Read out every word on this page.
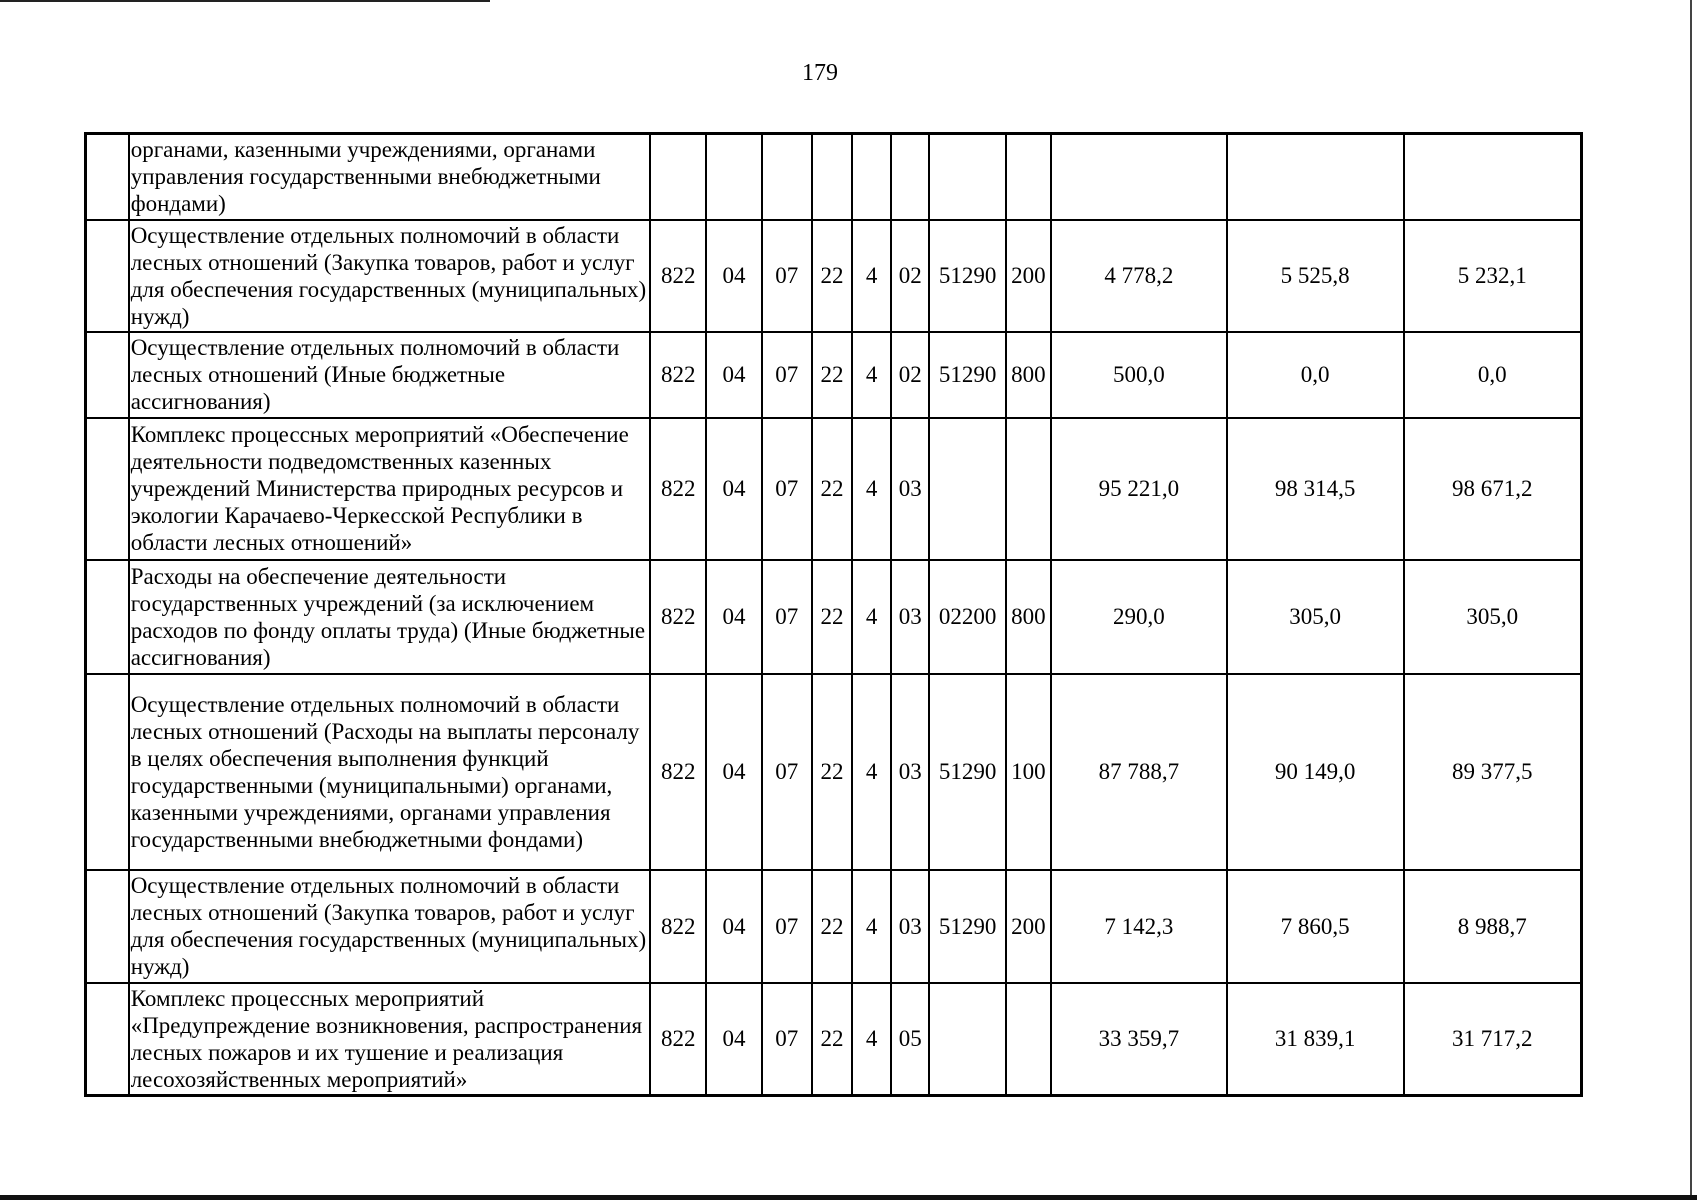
179
	органами, казенными учреждениями, органами управления государственными внебюджетными фондами)											
	Осуществление отдельных полномочий в области лесных отношений (Закупка товаров, работ и услуг для обеспечения государственных (муниципальных) нужд)	822	04	07	22	4	02	51290	200	4 778,2	5 525,8	5 232,1
	Осуществление отдельных полномочий в области лесных отношений (Иные бюджетные ассигнования)	822	04	07	22	4	02	51290	800	500,0	0,0	0,0
	Комплекс процессных мероприятий «Обеспечение деятельности подведомственных казенных учреждений Министерства природных ресурсов и экологии Карачаево-Черкесской Республики в области лесных отношений»	822	04	07	22	4	03			95 221,0	98 314,5	98 671,2
	Расходы на обеспечение деятельности государственных учреждений (за исключением расходов по фонду оплаты труда) (Иные бюджетные ассигнования)	822	04	07	22	4	03	02200	800	290,0	305,0	305,0
	Осуществление отдельных полномочий в области лесных отношений (Расходы на выплаты персоналу в целях обеспечения выполнения функций государственными (муниципальными) органами, казенными учреждениями, органами управления государственными внебюджетными фондами)	822	04	07	22	4	03	51290	100	87 788,7	90 149,0	89 377,5
	Осуществление отдельных полномочий в области лесных отношений (Закупка товаров, работ и услуг для обеспечения государственных (муниципальных) нужд)	822	04	07	22	4	03	51290	200	7 142,3	7 860,5	8 988,7
	Комплекс процессных мероприятий «Предупреждение возникновения, распространения лесных пожаров и их тушение и реализация лесохозяйственных мероприятий»	822	04	07	22	4	05			33 359,7	31 839,1	31 717,2
